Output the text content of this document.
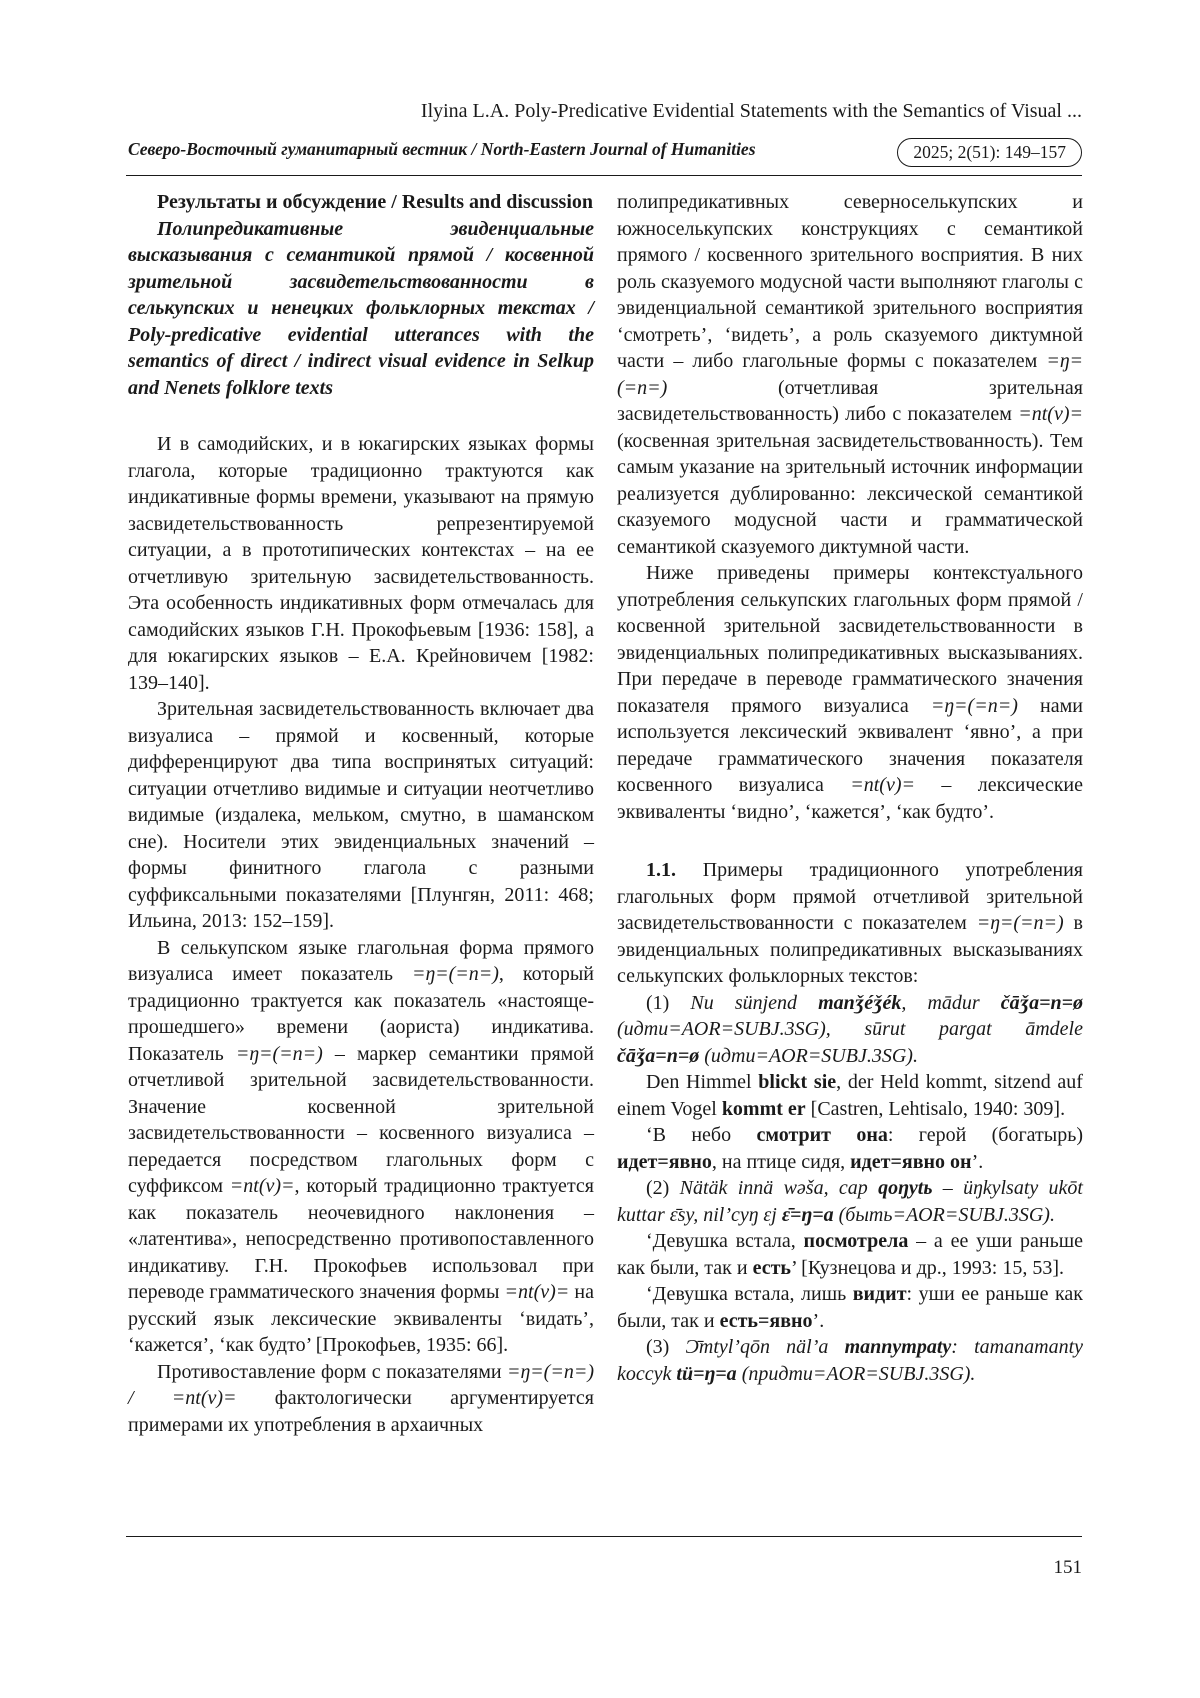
Ilyina L.A. Poly-Predicative Evidential Statements with the Semantics of Visual ...
Северо-Восточный гуманитарный вестник / North-Eastern Journal of Humanities	2025; 2(51): 149–157

Результаты и обсуждение / Results and discussion

Полипредикативные эвиденциальные высказывания с семантикой прямой / косвенной зрительной засвидетельствованности в селькупских и ненецких фольклорных текстах / Poly-predicative evidential utterances with the semantics of direct / indirect visual evidence in Selkup and Nenets folklore texts

И в самодийских, и в юкагирских языках формы глагола, которые традиционно трактуются как индикативные формы времени, указывают на прямую засвидетельствованность репрезентируемой ситуации, а в прототипических контекстах – на ее отчетливую зрительную засвидетельствованность. Эта особенность индикативных форм отмечалась для самодийских языков Г.Н. Прокофьевым [1936: 158], а для юкагирских языков – Е.А. Крейновичем [1982: 139–140].

Зрительная засвидетельствованность включает два визуалиса – прямой и косвенный, которые дифференцируют два типа воспринятых ситуаций: ситуации отчетливо видимые и ситуации неотчетливо видимые (издалека, мельком, смутно, в шаманском сне). Носители этих эвиденциальных значений – формы финитного глагола с разными суффиксальными показателями [Плунгян, 2011: 468; Ильина, 2013: 152–159].

В селькупском языке глагольная форма прямого визуалиса имеет показатель =ŋ=(=n=), который традиционно трактуется как показатель «настояще-прошедшего» времени (аориста) индикатива. Показатель =ŋ=(=n=) – маркер семантики прямой отчетливой зрительной засвидетельствованности. Значение косвенной зрительной засвидетельствованности – косвенного визуалиса – передается посредством глагольных форм с суффиксом =nt(v)=, который традиционно трактуется как показатель неочевидного наклонения – «латентива», непосредственно противопоставленного индикативу. Г.Н. Прокофьев использовал при переводе грамматического значения формы =nt(v)= на русский язык лексические эквиваленты ‘видать’, ‘кажется’, ‘как будто’ [Прокофьев, 1935: 66].

Противоставление форм с показателями =ŋ=(=n=) / =nt(v)= фактологически аргументируется примерами их употребления в архаичных

полипредикативных северноселькупских и южноселькупских конструкциях с семантикой прямого / косвенного зрительного восприятия. В них роль сказуемого модусной части выполняют глаголы с эвиденциальной семантикой зрительного восприятия ‘смотреть’, ‘видеть’, а роль сказуемого диктумной части – либо глагольные формы с показателем =ŋ=(=n=) (отчетливая зрительная засвидетельствованность) либо с показателем =nt(v)= (косвенная зрительная засвидетельствованность). Тем самым указание на зрительный источник информации реализуется дублированно: лексической семантикой сказуемого модусной части и грамматической семантикой сказуемого диктумной части.

Ниже приведены примеры контекстуального употребления селькупских глагольных форм прямой / косвенной зрительной засвидетельствованности в эвиденциальных полипредикативных высказываниях. При передаче в переводе грамматического значения показателя прямого визуалиса =ŋ=(=n=) нами используется лексический эквивалент ‘явно’, а при передаче грамматического значения показателя косвенного визуалиса =nt(v)= – лексические эквиваленты ‘видно’, ‘кажется’, ‘как будто’.

1.1. Примеры традиционного употребления глагольных форм прямой отчетливой зрительной засвидетельствованности с показателем =ŋ=(=n=) в эвиденциальных полипредикативных высказываниях селькупских фольклорных текстов:

(1) Nu sünjend manǯéǯék, mādur čāǯa=n=ø (идти=AOR=SUBJ.3SG), sūrut pargat āmdele čāǯa=n=ø (идти=AOR=SUBJ.3SG).

Den Himmel blickt sie, der Held kommt, sitzend auf einem Vogel kommt er [Castren, Lehtisalo, 1940: 309].

‘В небо смотрит она: герой (богатырь) идет=явно, на птице сидя, идет=явно он’.

(2) Nätäk innä wəša, cap qoŋytь – üŋkylsaty ukōt kuttar ɛ̄sy, nil’cyŋ ɛj ɛ̄=ŋ=a (быть=AOR=SUBJ.3SG).

‘Девушка встала, посмотрела – а ее уши раньше как были, так и есть’ [Кузнецова и др., 1993: 15, 53].

‘Девушка встала, лишь видит: уши ее раньше как были, так и есть=явно’.

(3) Ɔ̄mtyl’qōn näl’a mannympaty: tamanamanty koccyk tü=ŋ=a (придти=AOR=SUBJ.3SG).

151
